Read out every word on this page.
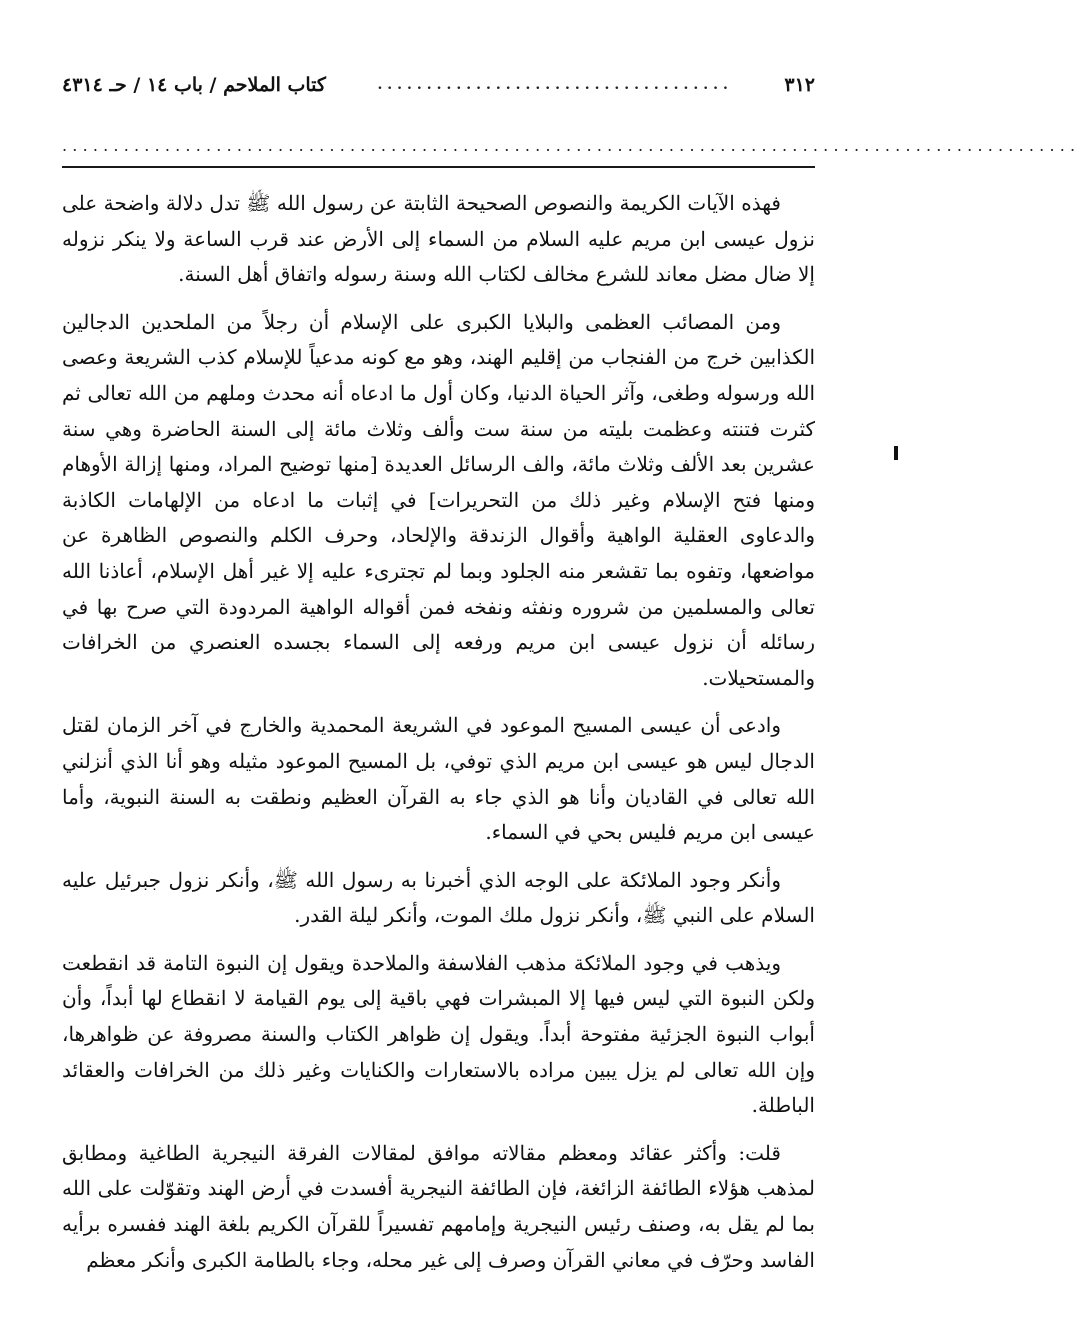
٣١٢
....................................
كتاب الملاحم / باب ١٤ / حـ ٤٣١٤
...................................................................................................

فهذه الآيات الكريمة والنصوص الصحيحة الثابتة عن رسول الله ﷺ تدل دلالة واضحة على نزول عيسى ابن مريم عليه السلام من السماء إلى الأرض عند قرب الساعة ولا ينكر نزوله إلا ضال مضل معاند للشرع مخالف لكتاب الله وسنة رسوله واتفاق أهل السنة.

ومن المصائب العظمى والبلايا الكبرى على الإسلام أن رجلاً من الملحدين الدجالين الكذابين خرج من الفنجاب من إقليم الهند، وهو مع كونه مدعياً للإسلام كذب الشريعة وعصى الله ورسوله وطغى، وآثر الحياة الدنيا، وكان أول ما ادعاه أنه محدث وملهم من الله تعالى ثم كثرت فتنته وعظمت بليته من سنة ست وألف وثلاث مائة إلى السنة الحاضرة وهي سنة عشرين بعد الألف وثلاث مائة، والف الرسائل العديدة [منها توضيح المراد، ومنها إزالة الأوهام ومنها فتح الإسلام وغير ذلك من التحريرات] في إثبات ما ادعاه من الإلهامات الكاذبة والدعاوى العقلية الواهية وأقوال الزندقة والإلحاد، وحرف الكلم والنصوص الظاهرة عن مواضعها، وتفوه بما تقشعر منه الجلود وبما لم تجترىء عليه إلا غير أهل الإسلام، أعاذنا الله تعالى والمسلمين من شروره ونفثه ونفخه فمن أقواله الواهية المردودة التي صرح بها في رسائله أن نزول عيسى ابن مريم ورفعه إلى السماء بجسده العنصري من الخرافات والمستحيلات.

وادعى أن عيسى المسيح الموعود في الشريعة المحمدية والخارج في آخر الزمان لقتل الدجال ليس هو عيسى ابن مريم الذي توفي، بل المسيح الموعود مثيله وهو أنا الذي أنزلني الله تعالى في القاديان وأنا هو الذي جاء به القرآن العظيم ونطقت به السنة النبوية، وأما عيسى ابن مريم فليس بحي في السماء.

وأنكر وجود الملائكة على الوجه الذي أخبرنا به رسول الله ﷺ، وأنكر نزول جبرئيل عليه السلام على النبي ﷺ، وأنكر نزول ملك الموت، وأنكر ليلة القدر.

ويذهب في وجود الملائكة مذهب الفلاسفة والملاحدة ويقول إن النبوة التامة قد انقطعت ولكن النبوة التي ليس فيها إلا المبشرات فهي باقية إلى يوم القيامة لا انقطاع لها أبداً، وأن أبواب النبوة الجزئية مفتوحة أبداً. ويقول إن ظواهر الكتاب والسنة مصروفة عن ظواهرها، وإن الله تعالى لم يزل يبين مراده بالاستعارات والكنايات وغير ذلك من الخرافات والعقائد الباطلة.

قلت: وأكثر عقائد ومعظم مقالاته موافق لمقالات الفرقة النيجرية الطاغية ومطابق لمذهب هؤلاء الطائفة الزائغة، فإن الطائفة النيجرية أفسدت في أرض الهند وتقوّلت على الله بما لم يقل به، وصنف رئيس النيجرية وإمامهم تفسيراً للقرآن الكريم بلغة الهند ففسره برأيه الفاسد وحرّف في معاني القرآن وصرف إلى غير محله، وجاء بالطامة الكبرى وأنكر معظم
